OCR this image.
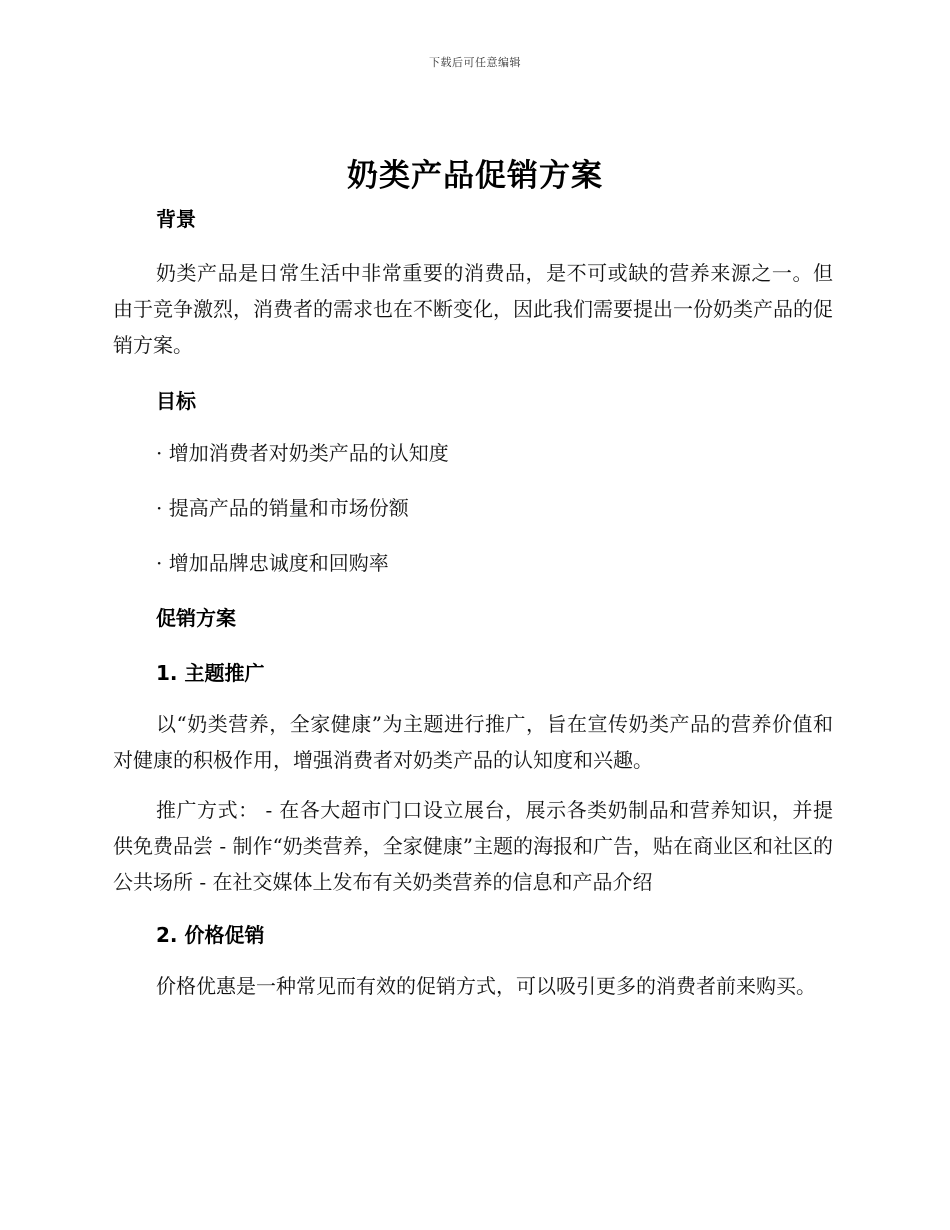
下载后可任意编辑
奶类产品促销方案
背景

奶类产品是日常生活中非常重要的消费品，是不可或缺的营养来源之一。但由于竞争激烈，消费者的需求也在不断变化，因此我们需要提出一份奶类产品的促销方案。

目标
· 增加消费者对奶类产品的认知度
· 提高产品的销量和市场份额
· 增加品牌忠诚度和回购率
促销方案
1. 主题推广

以“奶类营养，全家健康”为主题进行推广，旨在宣传奶类产品的营养价值和对健康的积极作用，增强消费者对奶类产品的认知度和兴趣。

推广方式： - 在各大超市门口设立展台，展示各类奶制品和营养知识，并提供免费品尝 - 制作“奶类营养，全家健康”主题的海报和广告，贴在商业区和社区的公共场所 - 在社交媒体上发布有关奶类营养的信息和产品介绍

2. 价格促销

价格优惠是一种常见而有效的促销方式，可以吸引更多的消费者前来购买。
